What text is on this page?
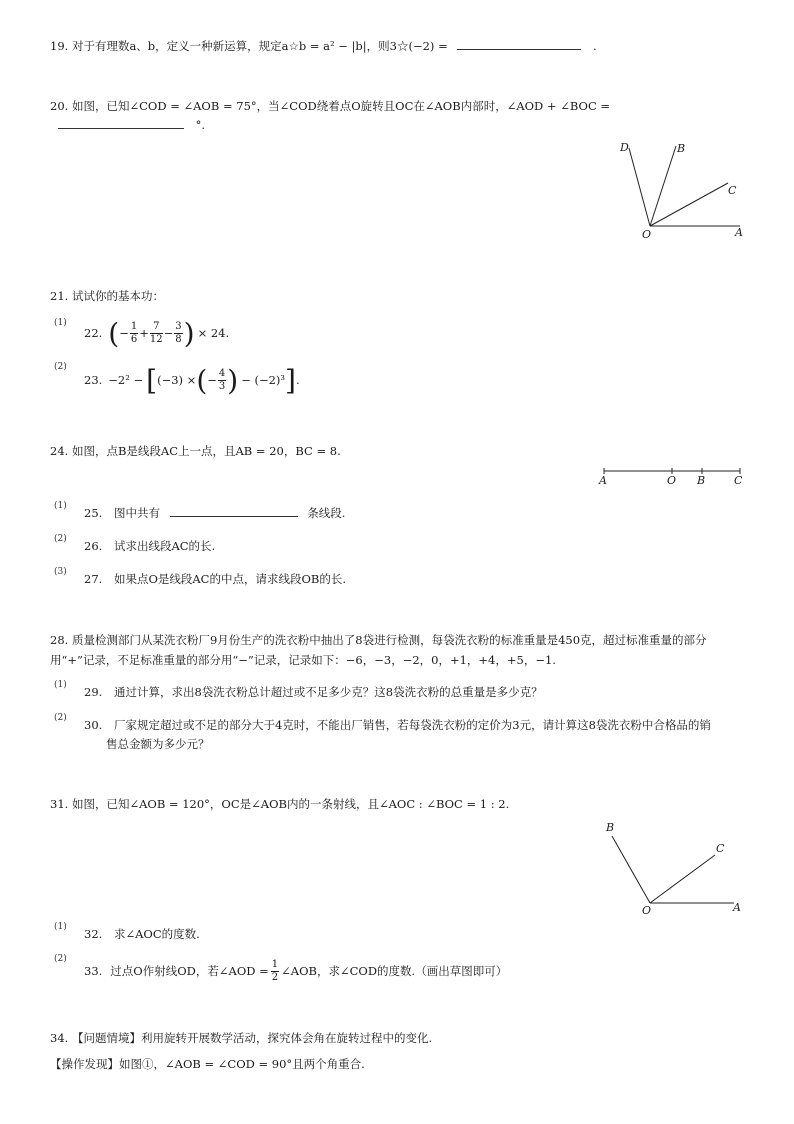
19. 对于有理数a、b，定义一种新运算，规定a☆b = a² − |b|，则3☆(−2) =	.
20. 如图，已知∠COD = ∠AOB = 75°，当∠COD绕着点O旋转且OC在∠AOB内部时，∠AOD + ∠BOC =
°.
D	B
C
O	A
21. 试试你的基本功：
(1)
22. ( − $\frac{1}{6} + \frac{7}{12} - \frac{3}{8}$ ) × 24.
(2)
23. −2² − [ (−3) × ( − $\frac{4}{3}$ ) − (−2)³ ] .
24. 如图，点B是线段AC上一点，且AB = 20，BC = 8.
A	O B	C
(1) 25. 图中共有	条线段.
(2) 26. 试求出线段AC的长.
(3) 27. 如果点O是线段AC的中点，请求线段OB的长.
28. 质量检测部门从某洗衣粉厂9月份生产的洗衣粉中抽出了8袋进行检测，每袋洗衣粉的标准重量是450克，超过标准重量的部分
用“+”记录，不足标准重量的部分用“−”记录，记录如下：−6，−3，−2，0，+1，+4，+5，−1.
(1) 29. 通过计算，求出8袋洗衣粉总计超过或不足多少克？这8袋洗衣粉的总重量是多少克？
(2) 30. 厂家规定超过或不足的部分大于4克时，不能出厂销售，若每袋洗衣粉的定价为3元，请计算这8袋洗衣粉中合格品的销
售总金额为多少元？
31. 如图，已知∠AOB = 120°，OC是∠AOB内的一条射线，且∠AOC : ∠BOC = 1 : 2.
B
C
O	A
(1) 32. 求∠AOC的度数.
(2)
33. 过点O作射线OD，若∠AOD = $\frac{1}{2}$ ∠AOB，求∠COD的度数.（画出草图即可）
34. 【问题情境】利用旋转开展数学活动，探究体会角在旋转过程中的变化.
【操作发现】如图①，∠AOB = ∠COD = 90°且两个角重合.
